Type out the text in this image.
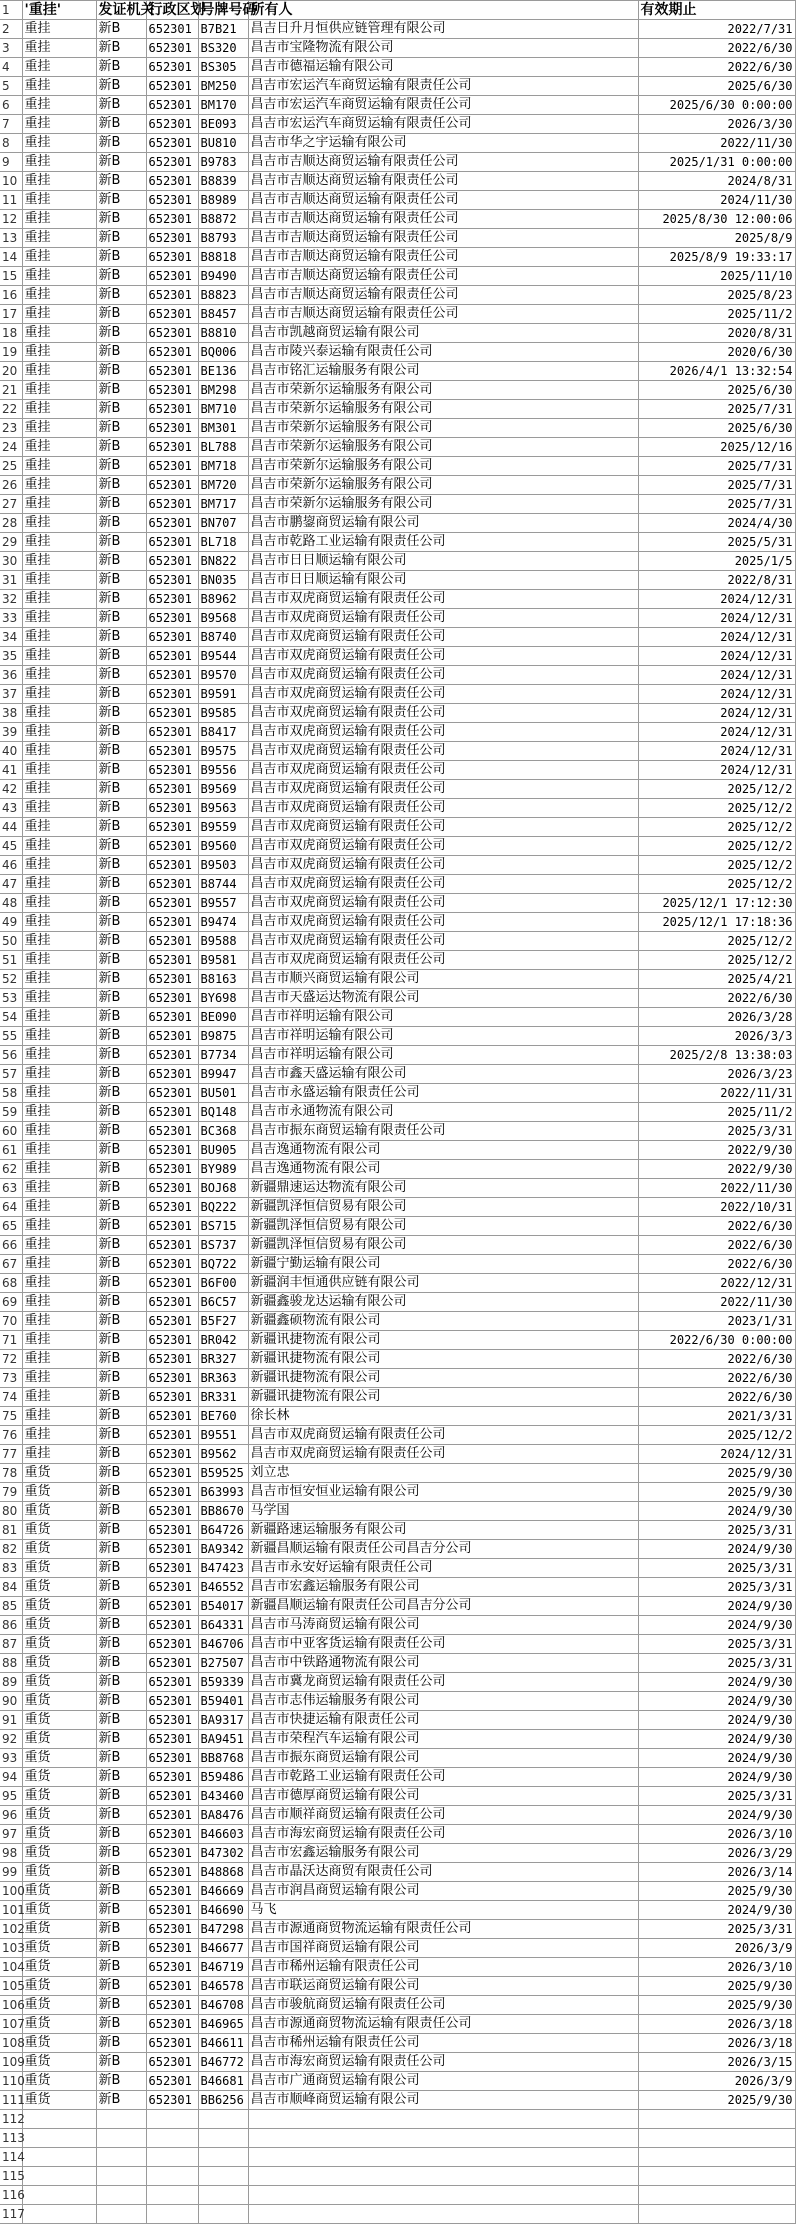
1	'重挂'	发证机关	行政区划	号牌号码	所有人	有效期止
2	重挂	新B	652301	B7B21	昌吉日升月恒供应链管理有限公司	2022/7/31
3	重挂	新B	652301	BS320	昌吉市宝隆物流有限公司	2022/6/30
4	重挂	新B	652301	BS305	昌吉市德福运输有限公司	2022/6/30
5	重挂	新B	652301	BM250	昌吉市宏运汽车商贸运输有限责任公司	2025/6/30
6	重挂	新B	652301	BM170	昌吉市宏运汽车商贸运输有限责任公司	2025/6/30 0:00:00
7	重挂	新B	652301	BE093	昌吉市宏运汽车商贸运输有限责任公司	2026/3/30
8	重挂	新B	652301	BU810	昌吉市华之宇运输有限公司	2022/11/30
9	重挂	新B	652301	B9783	昌吉市吉顺达商贸运输有限责任公司	2025/1/31 0:00:00
10	重挂	新B	652301	B8839	昌吉市吉顺达商贸运输有限责任公司	2024/8/31
11	重挂	新B	652301	B8989	昌吉市吉顺达商贸运输有限责任公司	2024/11/30
12	重挂	新B	652301	B8872	昌吉市吉顺达商贸运输有限责任公司	2025/8/30 12:00:06
13	重挂	新B	652301	B8793	昌吉市吉顺达商贸运输有限责任公司	2025/8/9
14	重挂	新B	652301	B8818	昌吉市吉顺达商贸运输有限责任公司	2025/8/9 19:33:17
15	重挂	新B	652301	B9490	昌吉市吉顺达商贸运输有限责任公司	2025/11/10
16	重挂	新B	652301	B8823	昌吉市吉顺达商贸运输有限责任公司	2025/8/23
17	重挂	新B	652301	B8457	昌吉市吉顺达商贸运输有限责任公司	2025/11/2
18	重挂	新B	652301	B8810	昌吉市凯越商贸运输有限公司	2020/8/31
19	重挂	新B	652301	BQ006	昌吉市陵兴泰运输有限责任公司	2020/6/30
20	重挂	新B	652301	BE136	昌吉市铭汇运输服务有限公司	2026/4/1 13:32:54
21	重挂	新B	652301	BM298	昌吉市荣新尔运输服务有限公司	2025/6/30
22	重挂	新B	652301	BM710	昌吉市荣新尔运输服务有限公司	2025/7/31
23	重挂	新B	652301	BM301	昌吉市荣新尔运输服务有限公司	2025/6/30
24	重挂	新B	652301	BL788	昌吉市荣新尔运输服务有限公司	2025/12/16
25	重挂	新B	652301	BM718	昌吉市荣新尔运输服务有限公司	2025/7/31
26	重挂	新B	652301	BM720	昌吉市荣新尔运输服务有限公司	2025/7/31
27	重挂	新B	652301	BM717	昌吉市荣新尔运输服务有限公司	2025/7/31
28	重挂	新B	652301	BN707	昌吉市鹏鋆商贸运输有限公司	2024/4/30
29	重挂	新B	652301	BL718	昌吉市乾路工业运输有限责任公司	2025/5/31
30	重挂	新B	652301	BN822	昌吉市日日顺运输有限公司	2025/1/5
31	重挂	新B	652301	BN035	昌吉市日日顺运输有限公司	2022/8/31
32	重挂	新B	652301	B8962	昌吉市双虎商贸运输有限责任公司	2024/12/31
33	重挂	新B	652301	B9568	昌吉市双虎商贸运输有限责任公司	2024/12/31
34	重挂	新B	652301	B8740	昌吉市双虎商贸运输有限责任公司	2024/12/31
35	重挂	新B	652301	B9544	昌吉市双虎商贸运输有限责任公司	2024/12/31
36	重挂	新B	652301	B9570	昌吉市双虎商贸运输有限责任公司	2024/12/31
37	重挂	新B	652301	B9591	昌吉市双虎商贸运输有限责任公司	2024/12/31
38	重挂	新B	652301	B9585	昌吉市双虎商贸运输有限责任公司	2024/12/31
39	重挂	新B	652301	B8417	昌吉市双虎商贸运输有限责任公司	2024/12/31
40	重挂	新B	652301	B9575	昌吉市双虎商贸运输有限责任公司	2024/12/31
41	重挂	新B	652301	B9556	昌吉市双虎商贸运输有限责任公司	2024/12/31
42	重挂	新B	652301	B9569	昌吉市双虎商贸运输有限责任公司	2025/12/2
43	重挂	新B	652301	B9563	昌吉市双虎商贸运输有限责任公司	2025/12/2
44	重挂	新B	652301	B9559	昌吉市双虎商贸运输有限责任公司	2025/12/2
45	重挂	新B	652301	B9560	昌吉市双虎商贸运输有限责任公司	2025/12/2
46	重挂	新B	652301	B9503	昌吉市双虎商贸运输有限责任公司	2025/12/2
47	重挂	新B	652301	B8744	昌吉市双虎商贸运输有限责任公司	2025/12/2
48	重挂	新B	652301	B9557	昌吉市双虎商贸运输有限责任公司	2025/12/1 17:12:30
49	重挂	新B	652301	B9474	昌吉市双虎商贸运输有限责任公司	2025/12/1 17:18:36
50	重挂	新B	652301	B9588	昌吉市双虎商贸运输有限责任公司	2025/12/2
51	重挂	新B	652301	B9581	昌吉市双虎商贸运输有限责任公司	2025/12/2
52	重挂	新B	652301	B8163	昌吉市顺兴商贸运输有限公司	2025/4/21
53	重挂	新B	652301	BY698	昌吉市天盛运达物流有限公司	2022/6/30
54	重挂	新B	652301	BE090	昌吉市祥明运输有限公司	2026/3/28
55	重挂	新B	652301	B9875	昌吉市祥明运输有限公司	2026/3/3
56	重挂	新B	652301	B7734	昌吉市祥明运输有限公司	2025/2/8 13:38:03
57	重挂	新B	652301	B9947	昌吉市鑫天盛运输有限公司	2026/3/23
58	重挂	新B	652301	BU501	昌吉市永盛运输有限责任公司	2022/11/31
59	重挂	新B	652301	BQ148	昌吉市永通物流有限公司	2025/11/2
60	重挂	新B	652301	BC368	昌吉市振东商贸运输有限责任公司	2025/3/31
61	重挂	新B	652301	BU905	昌吉逸通物流有限公司	2022/9/30
62	重挂	新B	652301	BY989	昌吉逸通物流有限公司	2022/9/30
63	重挂	新B	652301	BOJ68	新疆鼎速运达物流有限公司	2022/11/30
64	重挂	新B	652301	BQ222	新疆凯泽恒信贸易有限公司	2022/10/31
65	重挂	新B	652301	BS715	新疆凯泽恒信贸易有限公司	2022/6/30
66	重挂	新B	652301	BS737	新疆凯泽恒信贸易有限公司	2022/6/30
67	重挂	新B	652301	BQ722	新疆宁勤运输有限公司	2022/6/30
68	重挂	新B	652301	B6F00	新疆润丰恒通供应链有限公司	2022/12/31
69	重挂	新B	652301	B6C57	新疆鑫骏龙达运输有限公司	2022/11/30
70	重挂	新B	652301	B5F27	新疆鑫硕物流有限公司	2023/1/31
71	重挂	新B	652301	BR042	新疆讯捷物流有限公司	2022/6/30 0:00:00
72	重挂	新B	652301	BR327	新疆讯捷物流有限公司	2022/6/30
73	重挂	新B	652301	BR363	新疆讯捷物流有限公司	2022/6/30
74	重挂	新B	652301	BR331	新疆讯捷物流有限公司	2022/6/30
75	重挂	新B	652301	BE760	徐长林	2021/3/31
76	重挂	新B	652301	B9551	昌吉市双虎商贸运输有限责任公司	2025/12/2
77	重挂	新B	652301	B9562	昌吉市双虎商贸运输有限责任公司	2024/12/31
78	重货	新B	652301	B59525	刘立忠	2025/9/30
79	重货	新B	652301	B63993	昌吉市恒安恒业运输有限公司	2025/9/30
80	重货	新B	652301	BB8670	马学国	2024/9/30
81	重货	新B	652301	B64726	新疆路速运输服务有限公司	2025/3/31
82	重货	新B	652301	BA9342	新疆昌顺运输有限责任公司昌吉分公司	2024/9/30
83	重货	新B	652301	B47423	昌吉市永安好运输有限责任公司	2025/3/31
84	重货	新B	652301	B46552	昌吉市宏鑫运输服务有限公司	2025/3/31
85	重货	新B	652301	B54017	新疆昌顺运输有限责任公司昌吉分公司	2024/9/30
86	重货	新B	652301	B64331	昌吉市马涛商贸运输有限公司	2024/9/30
87	重货	新B	652301	B46706	昌吉市中亚客货运输有限责任公司	2025/3/31
88	重货	新B	652301	B27507	昌吉市中铁路通物流有限公司	2025/3/31
89	重货	新B	652301	B59339	昌吉市冀龙商贸运输有限责任公司	2024/9/30
90	重货	新B	652301	B59401	昌吉市志伟运输服务有限公司	2024/9/30
91	重货	新B	652301	BA9317	昌吉市快捷运输有限责任公司	2024/9/30
92	重货	新B	652301	BA9451	昌吉市荣程汽车运输有限公司	2024/9/30
93	重货	新B	652301	BB8768	昌吉市振东商贸运输有限公司	2024/9/30
94	重货	新B	652301	B59486	昌吉市乾路工业运输有限责任公司	2024/9/30
95	重货	新B	652301	B43460	昌吉市德厚商贸运输有限公司	2025/3/31
96	重货	新B	652301	BA8476	昌吉市顺祥商贸运输有限责任公司	2024/9/30
97	重货	新B	652301	B46603	昌吉市海宏商贸运输有限责任公司	2026/3/10
98	重货	新B	652301	B47302	昌吉市宏鑫运输服务有限公司	2026/3/29
99	重货	新B	652301	B48868	昌吉市晶沃达商贸有限责任公司	2026/3/14
100	重货	新B	652301	B46669	昌吉市润昌商贸运输有限公司	2025/9/30
101	重货	新B	652301	B46690	马飞	2024/9/30
102	重货	新B	652301	B47298	昌吉市源通商贸物流运输有限责任公司	2025/3/31
103	重货	新B	652301	B46677	昌吉市国祥商贸运输有限公司	2026/3/9
104	重货	新B	652301	B46719	昌吉市稀州运输有限责任公司	2026/3/10
105	重货	新B	652301	B46578	昌吉市联运商贸运输有限公司	2025/9/30
106	重货	新B	652301	B46708	昌吉市骏航商贸运输有限责任公司	2025/9/30
107	重货	新B	652301	B46965	昌吉市源通商贸物流运输有限责任公司	2026/3/18
108	重货	新B	652301	B46611	昌吉市稀州运输有限责任公司	2026/3/18
109	重货	新B	652301	B46772	昌吉市海宏商贸运输有限责任公司	2026/3/15
110	重货	新B	652301	B46681	昌吉市广通商贸运输有限公司	2026/3/9
111	重货	新B	652301	BB6256	昌吉市顺峰商贸运输有限公司	2025/9/30
112						
113						
114						
115						
116						
117						
